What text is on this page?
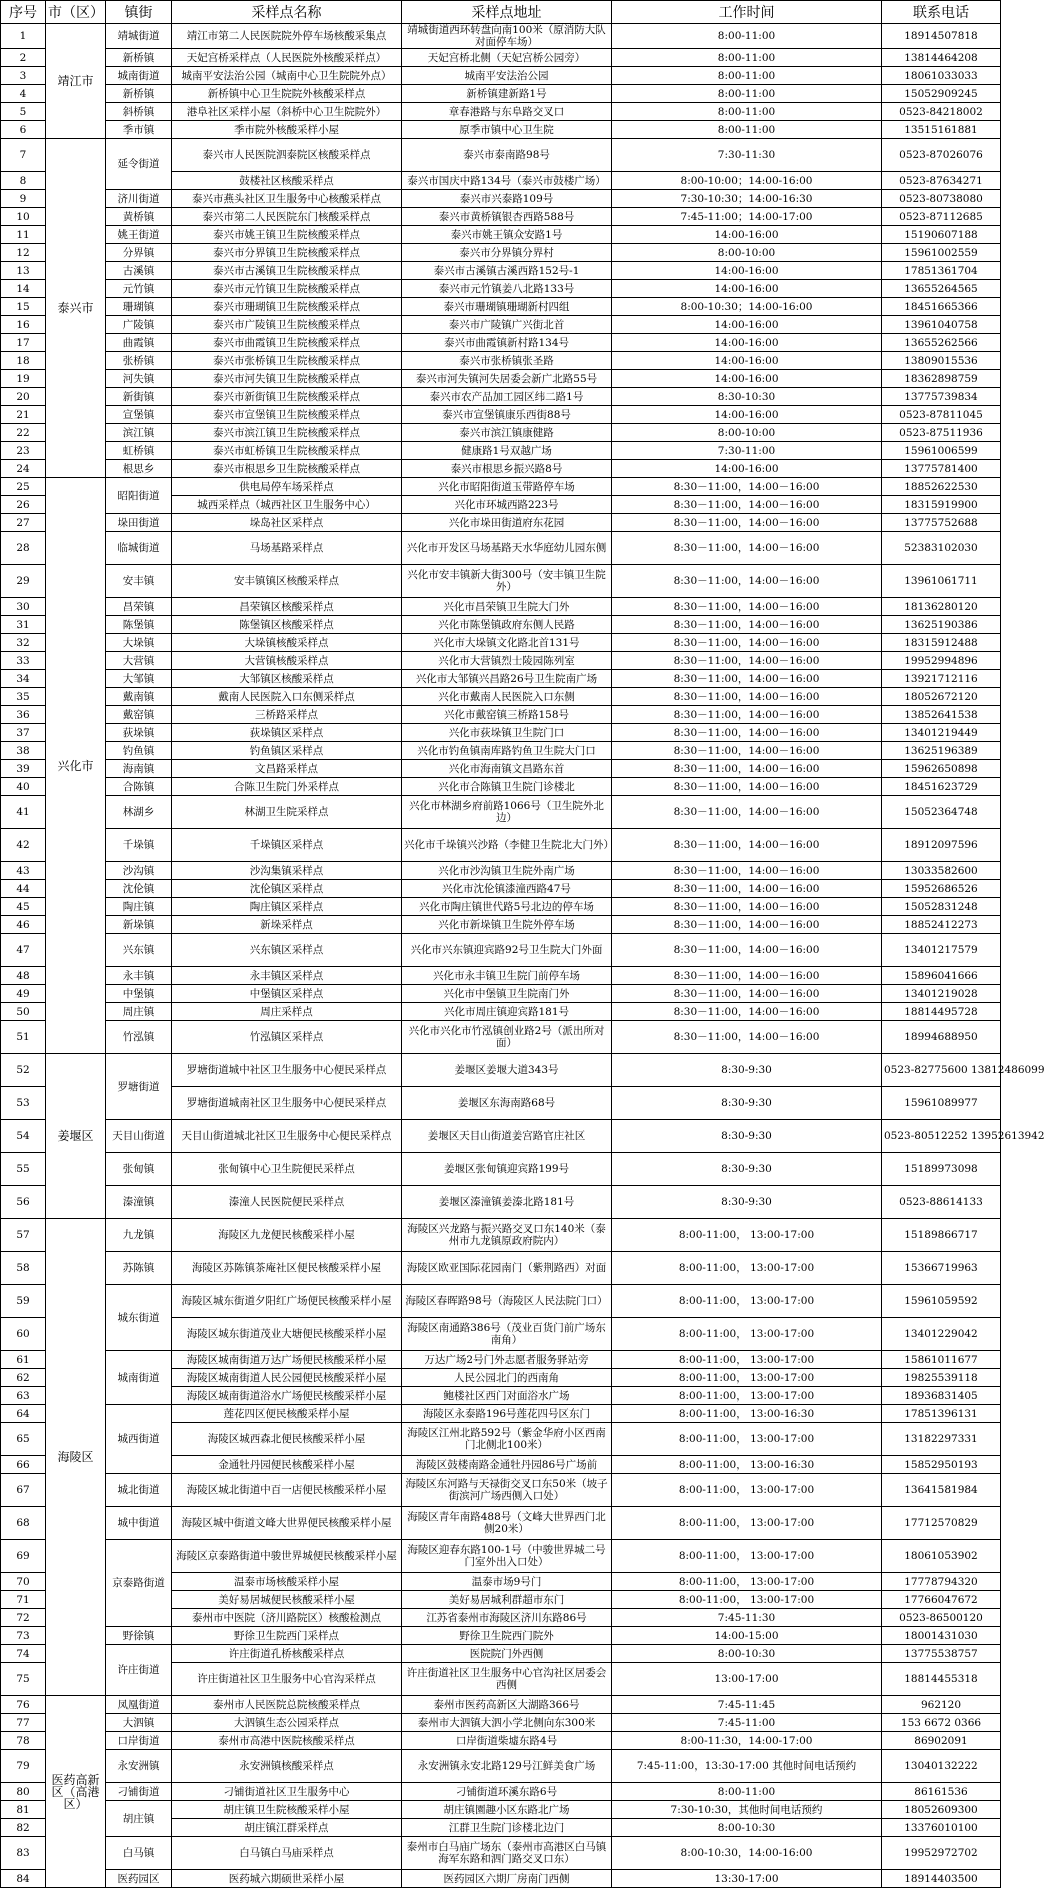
序号	市（区）	镇街	采样点名称	采样点地址	工作时间	联系电话
1	靖江市	靖城街道	靖江市第二人民医院院外停车场核酸采集点	靖城街道西环转盘向南100米（原消防大队对面停车场）	8:00-11:00	18914507818
2		新桥镇	天妃宫桥采样点（人民医院外核酸采样点）	天妃宫桥北侧（天妃宫桥公园旁）	8:00-11:00	13814464208
3		城南街道	城南平安法治公园（城南中心卫生院院外点）	城南平安法治公园	8:00-11:00	18061033033
4		新桥镇	新桥镇中心卫生院院外核酸采样点	新桥镇建新路1号	8:00-11:00	15052909245
5		斜桥镇	港阜社区采样小屋（斜桥中心卫生院院外）	章春港路与东阜路交叉口	8:00-11:00	0523-84218002
6		季市镇	季市院外核酸采样小屋	原季市镇中心卫生院	8:00-11:00	13515161881
7	泰兴市	延令街道	泰兴市人民医院泗泰院区核酸采样点	泰兴市泰南路98号	7:30-11:30	0523-87026076
8			鼓楼社区核酸采样点	泰兴市国庆中路134号（泰兴市鼓楼广场）	8:00-10:00；14:00-16:00	0523-87634271
9		济川街道	泰兴市燕头社区卫生服务中心核酸采样点	泰兴市兴泰路109号	7:30-10:30；14:00-16:30	0523-80738080
10		黄桥镇	泰兴市第二人民医院东门核酸采样点	泰兴市黄桥镇银杏西路588号	7:45-11:00；14:00-17:00	0523-87112685
11		姚王街道	泰兴市姚王镇卫生院核酸采样点	泰兴市姚王镇众安路1号	14:00-16:00	15190607188
12		分界镇	泰兴市分界镇卫生院核酸采样点	泰兴市分界镇分界村	8:00-10:00	15961002559
13		古溪镇	泰兴市古溪镇卫生院核酸采样点	泰兴市古溪镇古溪西路152号-1	14:00-16:00	17851361704
14		元竹镇	泰兴市元竹镇卫生院核酸采样点	泰兴市元竹镇姜八北路133号	14:00-16:00	13655264565
15		珊瑚镇	泰兴市珊瑚镇卫生院核酸采样点	泰兴市珊瑚镇珊瑚新村四组	8:00-10:30；14:00-16:00	18451665366
16		广陵镇	泰兴市广陵镇卫生院核酸采样点	泰兴市广陵镇广兴街北首	14:00-16:00	13961040758
17		曲霞镇	泰兴市曲霞镇卫生院核酸采样点	泰兴市曲霞镇新村路134号	14:00-16:00	13655262566
18		张桥镇	泰兴市张桥镇卫生院核酸采样点	泰兴市张桥镇张圣路	14:00-16:00	13809015536
19		河失镇	泰兴市河失镇卫生院核酸采样点	泰兴市河失镇河失居委会新广北路55号	14:00-16:00	18362898759
20		新街镇	泰兴市新街镇卫生院核酸采样点	泰兴市农产品加工园区纬二路1号	8:30-10:30	13775739834
21		宣堡镇	泰兴市宣堡镇卫生院核酸采样点	泰兴市宣堡镇康乐西街88号	14:00-16:00	0523-87811045
22		滨江镇	泰兴市滨江镇卫生院核酸采样点	泰兴市滨江镇康健路	8:00-10:00	0523-87511936
23		虹桥镇	泰兴市虹桥镇卫生院核酸采样点	健康路1号双越广场	7:30-11:00	15961006599
24		根思乡	泰兴市根思乡卫生院核酸采样点	泰兴市根思乡振兴路8号	14:00-16:00	13775781400
25	兴化市	昭阳街道	供电局停车场采样点	兴化市昭阳街道玉带路停车场	8:30－11:00，14:00－16:00	18852622530
26			城西采样点（城西社区卫生服务中心）	兴化市环城西路223号	8:30－11:00，14:00－16:00	18315919900
27		垛田街道	垛岛社区采样点	兴化市垛田街道府东花园	8:30－11:00，14:00－16:00	13775752688
28		临城街道	马场基路采样点	兴化市开发区马场基路天水华庭幼儿园东侧	8:30－11:00，14:00－16:00	52383102030
29		安丰镇	安丰镇镇区核酸采样点	兴化市安丰镇新大街300号（安丰镇卫生院外）	8:30－11:00，14:00－16:00	13961061711
30		昌荣镇	昌荣镇区核酸采样点	兴化市昌荣镇卫生院大门外	8:30－11:00，14:00－16:00	18136280120
31		陈堡镇	陈堡镇区核酸采样点	兴化市陈堡镇政府东侧人民路	8:30－11:00，14:00－16:00	13625190386
32		大垛镇	大垛镇核酸采样点	兴化市大垛镇文化路北首131号	8:30－11:00，14:00－16:00	18315912488
33		大营镇	大营镇核酸采样点	兴化市大营镇烈士陵园陈列室	8:30－11:00，14:00－16:00	19952994896
34		大邹镇	大邹镇区核酸采样点	兴化市大邹镇兴昌路26号卫生院南广场	8:30－11:00，14:00－16:00	13921712116
35		戴南镇	戴南人民医院入口东侧采样点	兴化市戴南人民医院入口东侧	8:30－11:00，14:00－16:00	18052672120
36		戴窑镇	三桥路采样点	兴化市戴窑镇三桥路158号	8:30－11:00，14:00－16:00	13852641538
37		荻垛镇	荻垛镇区采样点	兴化市荻垛镇卫生院门口	8:30－11:00，14:00－16:00	13401219449
38		钓鱼镇	钓鱼镇区采样点	兴化市钓鱼镇南库路钓鱼卫生院大门口	8:30－11:00，14:00－16:00	13625196389
39		海南镇	文昌路采样点	兴化市海南镇文昌路东首	8:30－11:00，14:00－16:00	15962650898
40		合陈镇	合陈卫生院门外采样点	兴化市合陈镇卫生院门诊楼北	8:30－11:00，14:00－16:00	18451623729
41		林湖乡	林湖卫生院采样点	兴化市林湖乡府前路1066号（卫生院外北边）	8:30－11:00，14:00－16:00	15052364748
42		千垛镇	千垛镇区采样点	兴化市千垛镇兴沙路（李健卫生院北大门外）	8:30－11:00，14:00－16:00	18912097596
43		沙沟镇	沙沟集镇采样点	兴化市沙沟镇卫生院外南广场	8:30－11:00，14:00－16:00	13033582600
44		沈伦镇	沈伦镇区采样点	兴化市沈伦镇漆潼西路47号	8:30－11:00，14:00－16:00	15952686526
45		陶庄镇	陶庄镇区采样点	兴化市陶庄镇世代路5号北边的停车场	8:30－11:00，14:00－16:00	15052831248
46		新垛镇	新垛采样点	兴化市新垛镇卫生院外停车场	8:30－11:00，14:00－16:00	18852412273
47		兴东镇	兴东镇区采样点	兴化市兴东镇迎宾路92号卫生院大门外面	8:30－11:00，14:00－16:00	13401217579
48		永丰镇	永丰镇区采样点	兴化市永丰镇卫生院门前停车场	8:30－11:00，14:00－16:00	15896041666
49		中堡镇	中堡镇区采样点	兴化市中堡镇卫生院南门外	8:30－11:00，14:00－16:00	13401219028
50		周庄镇	周庄采样点	兴化市周庄镇迎宾路181号	8:30－11:00，14:00－16:00	18814495728
51		竹泓镇	竹泓镇区采样点	兴化市兴化市竹泓镇创业路2号（派出所对面）	8:30－11:00，14:00－16:00	18994688950
52	姜堰区	罗塘街道	罗塘街道城中社区卫生服务中心便民采样点	姜堰区姜堰大道343号	8:30-9:30	0523-82775600 13812486099
53			罗塘街道城南社区卫生服务中心便民采样点	姜堰区东海南路68号	8:30-9:30	15961089977
54		天目山街道	天目山街道城北社区卫生服务中心便民采样点	姜堰区天目山街道姜宫路官庄社区	8:30-9:30	0523-80512252 13952613942
55		张甸镇	张甸镇中心卫生院便民采样点	姜堰区张甸镇迎宾路199号	8:30-9:30	15189973098
56		溱潼镇	溱潼人民医院便民采样点	姜堰区溱潼镇姜溱北路181号	8:30-9:30	0523-88614133
57	海陵区	九龙镇	海陵区九龙便民核酸采样小屋	海陵区兴龙路与振兴路交叉口东140米（泰州市九龙镇原政府院内）	8:00-11:00， 13:00-17:00	15189866717
58		苏陈镇	海陵区苏陈镇茶庵社区便民核酸采样小屋	海陵区欧亚国际花园南门（紫荆路西）对面	8:00-11:00， 13:00-17:00	15366719963
59		城东街道	海陵区城东街道夕阳红广场便民核酸采样小屋	海陵区春晖路98号（海陵区人民法院门口）	8:00-11:00， 13:00-17:00	15961059592
60			海陵区城东街道茂业大塘便民核酸采样小屋	海陵区南通路386号（茂业百货门前广场东南角）	8:00-11:00， 13:00-17:00	13401229042
61		城南街道	海陵区城南街道万达广场便民核酸采样小屋	万达广场2号门外志愿者服务驿站旁	8:00-11:00， 13:00-17:00	15861011677
62			海陵区城南街道人民公园便民核酸采样小屋	人民公园北门的西南角	8:00-11:00， 13:00-17:00	19825539118
63			海陵区城南街道浴水广场便民核酸采样小屋	鲍楼社区西门对面浴水广场	8:00-11:00， 13:00-17:00	18936831405
64		城西街道	莲花四区便民核酸采样小屋	海陵区永泰路196号莲花四号区东门	8:00-11:00， 13:00-16:30	17851396131
65			海陵区城西森北便民核酸采样小屋	海陵区江州北路592号（紫金华府小区西南门北侧北100米）	8:00-11:00， 13:00-17:00	13182297331
66			金通牡丹园便民核酸采样小屋	海陵区鼓楼南路金通牡丹园86号广场前	8:00-11:00， 13:00-16:30	15852950193
67		城北街道	海陵区城北街道中百一店便民核酸采样小屋	海陵区东河路与天禄街交叉口东50米（坡子街滨河广场西侧入口处）	8:00-11:00， 13:00-17:00	13641581984
68		城中街道	海陵区城中街道文峰大世界便民核酸采样小屋	海陵区青年南路488号（文峰大世界西门北侧20米）	8:00-11:00， 13:00-17:00	17712570829
69		京泰路街道	海陵区京泰路街道中骏世界城便民核酸采样小屋	海陵区迎春东路100-1号（中骏世界城二号门室外出入口处）	8:00-11:00， 13:00-17:00	18061053902
70			温泰市场核酸采样小屋	温泰市场9号门	8:00-11:00， 13:00-17:00	17778794320
71			美好易居城便民核酸采样小屋	美好易居城利群超市东门	8:00-11:00， 13:00-17:00	17766047672
72			泰州市中医院（济川路院区）核酸检测点	江苏省泰州市海陵区济川东路86号	7:45-11:30	0523-86500120
73		野徐镇	野徐卫生院西门采样点	野徐卫生院西门院外	14:00-15:00	18001431030
74		许庄街道	许庄街道孔桥核酸采样点	医院院门外西侧	8:00-10:30	13775538757
75			许庄街道社区卫生服务中心官沟采样点	许庄街道社区卫生服务中心官沟社区居委会西侧	13:00-17:00	18814455318
76	医药高新区（高港区）	凤凰街道	泰州市人民医院总院核酸采样点	泰州市医药高新区大湖路366号	7:45-11:45	962120
77		大泗镇	大泗镇生态公园采样点	泰州市大泗镇大泗小学北侧向东300米	7:45-11:00	153 6672 0366
78		口岸街道	泰州市高港中医院核酸采样点	口岸街道柴墟东路4号	8:00-11:30，14:00-17:00	86902091
79		永安洲镇	永安洲镇核酸采样点	永安洲镇永安北路129号江鲜美食广场	7:45-11:00，13:30-17:00 其他时间电话预约	13040132222
80		刁铺街道	刁铺街道社区卫生服务中心	刁铺街道环溪东路6号	8:00-11:00	86161536
81		胡庄镇	胡庄镇卫生院核酸采样小屋	胡庄镇園趣小区东路北广场	7:30-10:30，其他时间电话预约	18052609300
82			胡庄镇江群采样点	江群卫生院门诊楼北边门	8:00-10:30	13376010100
83		白马镇	白马镇白马庙采样点	泰州市白马庙广场东（泰州市高港区白马镇海军东路和泗门路交叉口东）	8:00-10:30，14:00-16:00	19952972702
84		医药园区	医药城六期硕世采样小屋	医药园区六期厂房南门西侧	13:30-17:00	18914403500
